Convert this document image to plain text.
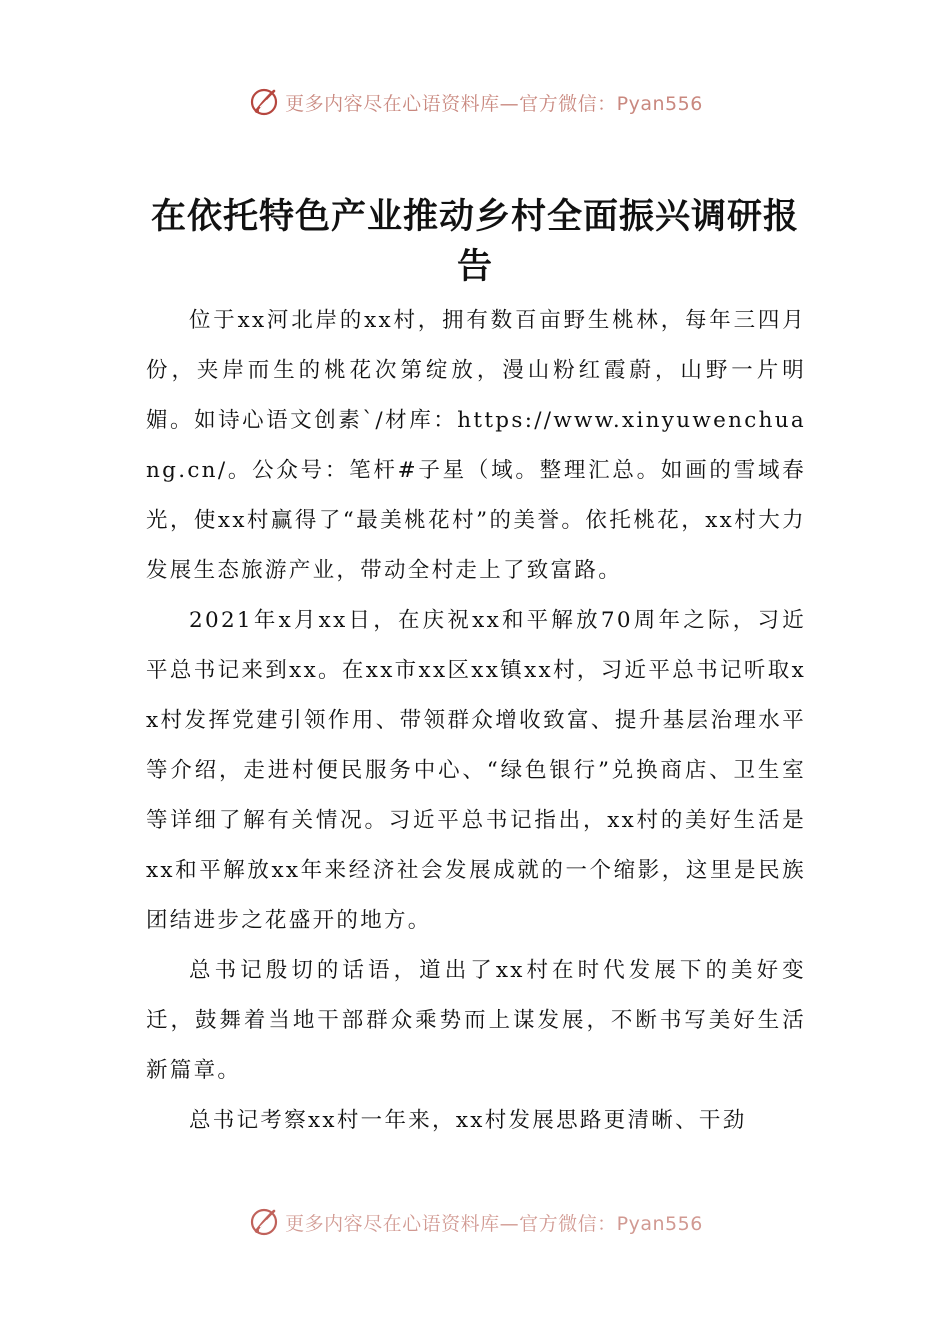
更多内容尽在心语资料库—官方微信：Pyan556
在依托特色产业推动乡村全面振兴调研报告

位于xx河北岸的xx村，拥有数百亩野生桃林，每年三四月份，夹岸而生的桃花次第绽放，漫山粉红霞蔚，山野一片明媚。如诗心语文创素`/材库：https://www.xinyuwenchuang.cn/。公众号：笔杆#子星（域。整理汇总。如画的雪域春光，使xx村赢得了“最美桃花村”的美誉。依托桃花，xx村大力发展生态旅游产业，带动全村走上了致富路。

2021年x月xx日，在庆祝xx和平解放70周年之际，习近平总书记来到xx。在xx市xx区xx镇xx村，习近平总书记听取xx村发挥党建引领作用、带领群众增收致富、提升基层治理水平等介绍，走进村便民服务中心、“绿色银行”兑换商店、卫生室等详细了解有关情况。习近平总书记指出，xx村的美好生活是xx和平解放xx年来经济社会发展成就的一个缩影，这里是民族团结进步之花盛开的地方。

总书记殷切的话语，道出了xx村在时代发展下的美好变迁，鼓舞着当地干部群众乘势而上谋发展，不断书写美好生活新篇章。

总书记考察xx村一年来，xx村发展思路更清晰、干劲

更多内容尽在心语资料库—官方微信：Pyan556
